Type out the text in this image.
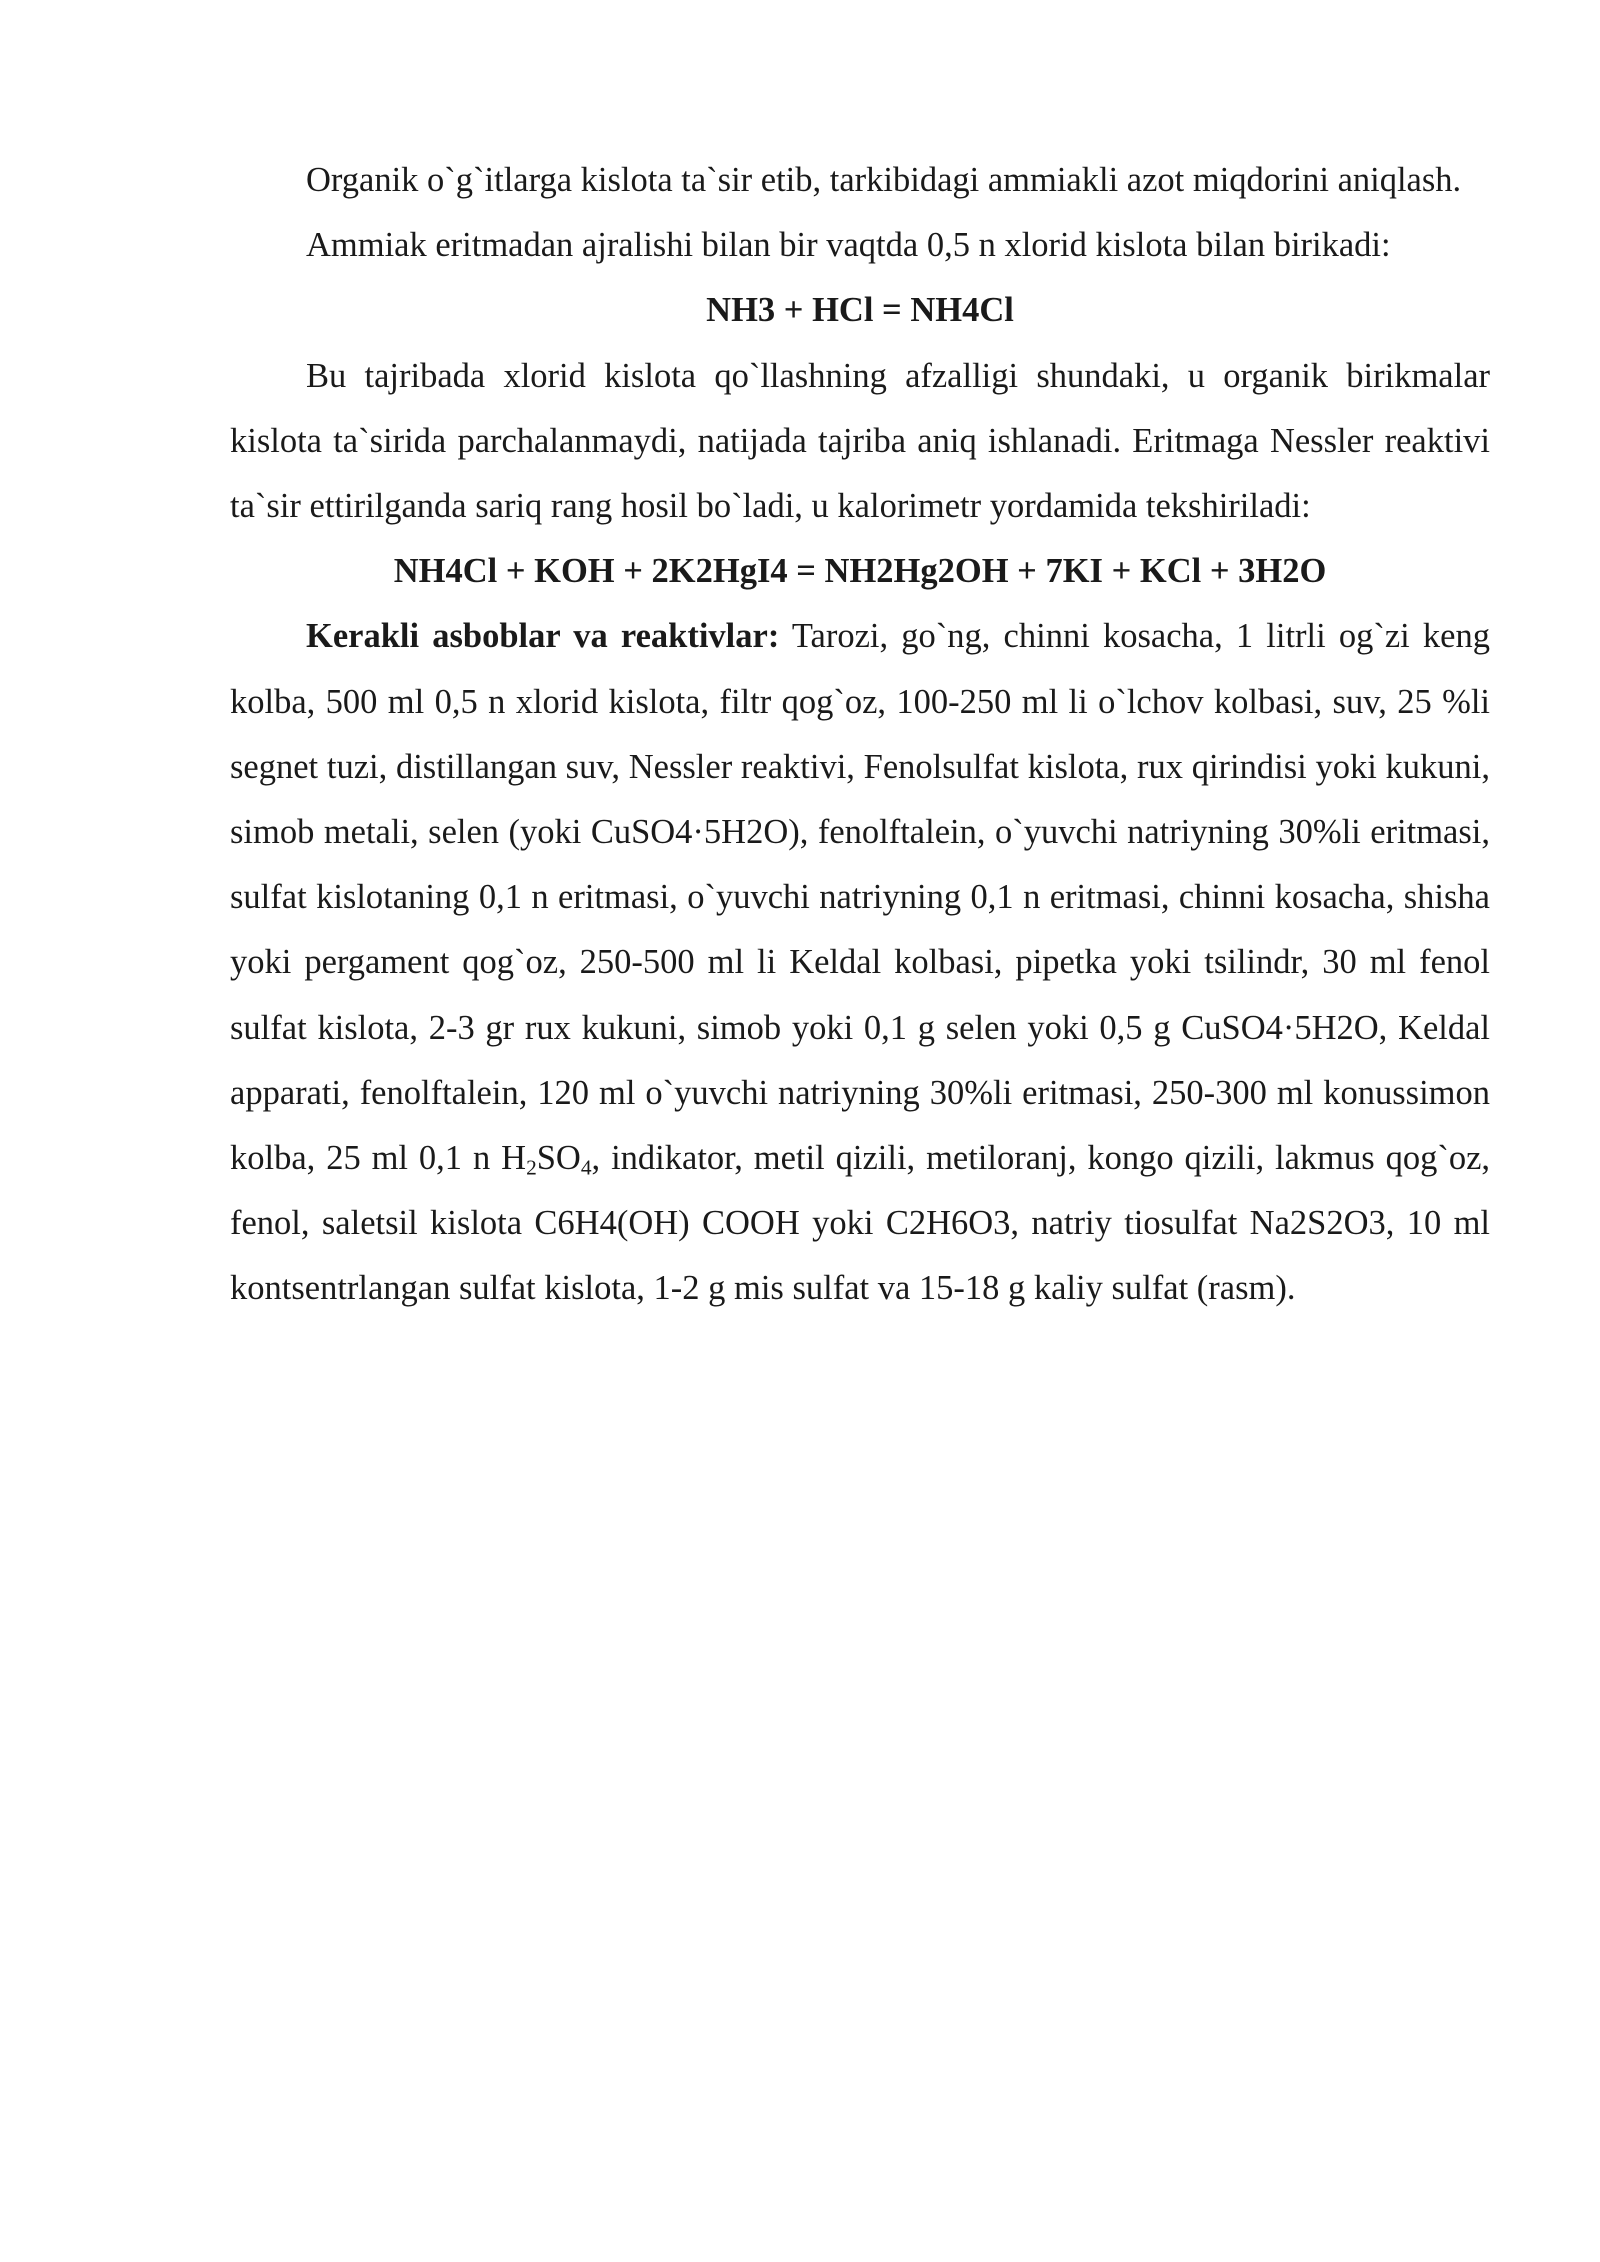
Organik o`g`itlarga kislota ta`sir etib, tarkibidagi ammiakli azot miqdorini aniqlash.

Ammiak eritmadan ajralishi bilan bir vaqtda 0,5 n xlorid kislota bilan birikadi:

NH3 + HCl = NH4Cl

Bu tajribada xlorid kislota qo`llashning afzalligi shundaki, u organik birikmalar kislota ta`sirida parchalanmaydi, natijada tajriba aniq ishlanadi. Eritmaga Nessler reaktivi ta`sir ettirilganda sariq rang hosil bo`ladi, u kalorimetr yordamida tekshiriladi:

NH4Cl + KOH + 2K2HgI4 = NH2Hg2OH + 7KI + KCl + 3H2O

Kerakli asboblar va reaktivlar: Tarozi, go`ng, chinni kosacha, 1 litrli og`zi keng kolba, 500 ml 0,5 n xlorid kislota, filtr qog`oz, 100-250 ml li o`lchov kolbasi, suv, 25 %li segnet tuzi, distillangan suv, Nessler reaktivi, Fenolsulfat kislota, rux qirindisi yoki kukuni, simob metali, selen (yoki CuSO4·5H2O), fenolftalein, o`yuvchi natriyning 30%li eritmasi, sulfat kislotaning 0,1 n eritmasi, o`yuvchi natriyning 0,1 n eritmasi, chinni kosacha, shisha yoki pergament qog`oz, 250-500 ml li Keldal kolbasi, pipetka yoki tsilindr, 30 ml fenol sulfat kislota, 2-3 gr rux kukuni, simob yoki 0,1 g selen yoki 0,5 g CuSO4·5H2O, Keldal apparati, fenolftalein, 120 ml o`yuvchi natriyning 30%li eritmasi, 250-300 ml konussimon kolba, 25 ml 0,1 n $H_2SO_4$, indikator, metil qizili, metiloranj, kongo qizili, lakmus qog`oz, fenol, saletsil kislota C6H4(OH) COOH yoki C2H6O3, natriy tiosulfat Na2S2O3, 10 ml kontsentrlangan sulfat kislota, 1-2 g mis sulfat va 15-18 g kaliy sulfat (rasm).
